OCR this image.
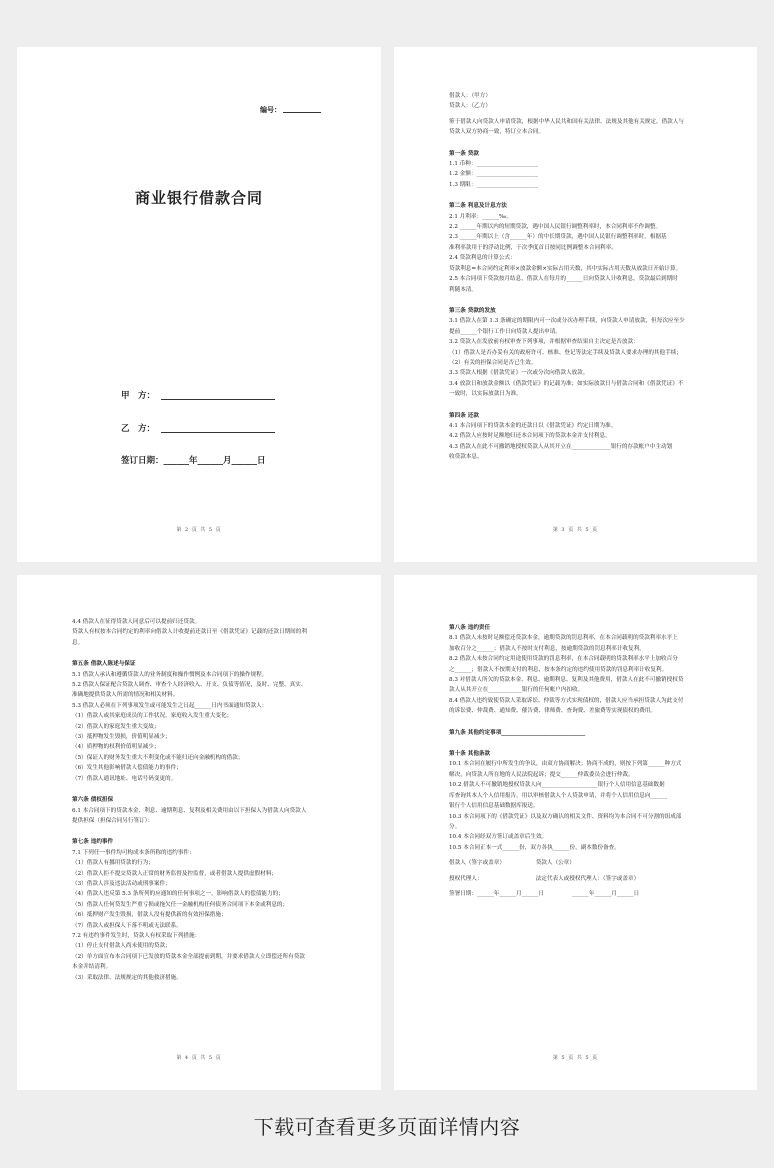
编号：
商业银行借款合同
甲　方：
乙　方：
签订日期：______年______月______日
第 2 页 共 5 页
借款人：（甲方）
贷款人：（乙方）
鉴于借款人向贷款人申请贷款，根据中华人民共和国有关法律、法规及其他有关规定，借款人与
贷款人双方协商一致，特订立本合同。
第一条 贷款
1.1 币种：______________________
1.2 金额：______________________
1.3 期限：______________________
第二条 利息及计息方法
2.1 月利率：______‰。
2.2 ______年期以内的短期贷款，遇中国人民银行调整利率时，本合同利率不作调整。
2.3 ______年期以上（含______年）的中长期贷款，遇中国人民银行调整利率时，根据基
准利率款用于的浮动比例，于次季度首日按同比例调整本合同利率。
2.4 贷款利息的计算公式：
贷款利息=本合同约定利率×放款金额×实际占用天数，其中实际占用天数从放款日开始计算。
2.5 本合同项下贷款按月结息，借款人在每月的______日向贷款人计收利息，贷款最后到期时
利随本清。
第三条 贷款的发放
3.1 借款人在第 1.3 条确定的期限内可一次或分次办理手续，向贷款人申请放款，但每次应至少
提前______个银行工作日向贷款人提出申请。
3.2 贷款人在发放前有权审查下列事项，并根据审查结果自主决定是否放款：
（1）借款人是否办妥有关的政府许可、核准、登记等法定手续及贷款人要求办理的其他手续；
（2）有关的担保合同是否已生效。
3.3 贷款人根据《借款凭证》一次或分次向借款人放款。
3.4 放款日和放款金额以《借款凭证》的记载为准；如实际放款日与借款合同和《借款凭证》不
一致时，以实际放款日为准。
第四条 还款
4.1 本合同项下的贷款本金的还款日以《借款凭证》约定日期为准。
4.2 借款人应按时足额地归还本合同项下的贷款本金并支付利息。
4.3 借款人在此不可撤销地授权贷款人从其开立在______________银行的存款帐户中主动划
收贷款本息。
第 3 页 共 5 页
4.4 借款人在征得贷款人同意后可以提前归还贷款。
贷款人有权按本合同约定的利率向借款人计收提前还款日至《借款凭证》记载的还款日期间的利
息。
第五条 借款人陈述与保证
5.1 借款人承认和遵循贷款人的业务制度和操作惯例及本合同项下的操作规程。
5.2 借款人保证配合贷款人调查、审查个人经济收入、开支、负债等情况，及时、完整、真实、
准确地提供贷款人所需的情况和相关材料。
5.3 借款人必须在下列事项发生或可能发生之日起______日内书面通知贷款人：
（1）借款人或其家庭成员的工作状况、家庭收入发生重大变化；
（2）借款人的家庭发生重大变故；
（3）抵押物发生毁损，价值明显减少；
（4）质押物的权利价值明显减少；
（5）保证人的财务发生重大不利变化或不能归还向金融机构的借款；
（6）发生其他影响借款人偿债能力的事件；
（7）借款人通讯地址、电话号码变更的。
第六条 债权担保
6.1 本合同项下的贷款本金、利息、逾期利息、复利及相关费用由以下担保人为借款人向贷款人
提供担保（担保合同另行签订）：
第七条 违约事件
7.1 下列任一事件均可构成本条所称的违约事件：
（1）借款人有挪用贷款的行为；
（2）借款人拒不提交贷款人正常的财务监督及控监督，或者借款人提供虚假材料；
（3）借款人涉及违法活动或刑事案件；
（4）借款人违反第 5.3 条所列的应通知的任何事项之一，影响借款人的偿债能力的；
（5）借款人任何贷发生严重亏损或拖欠任一金融机构任何债务合同项下本金或利息的；
（6）抵押财产发生毁损，借款人没有提供新的有效担保措施；
（7）借款人或担保人下落不明或无法联系。
7.2 有违约事件发生时，贷款人有权采取下列措施：
（1）停止支付借款人尚未使用的贷款；
（2）单方面宣布本合同项下已发放的贷款本金全部提前到期，并要求借款人立即偿还所有贷款
本金并结清利。
（3）采取法律、法规规定的其他救济措施。
第 4 页 共 5 页
第八条 违约责任
8.1 借款人未按时足额偿还贷款本金，逾期贷款的罚息利率，在本合同载明的贷款利率水平上
加收百分之______；借款人不按时支付利息，按逾期贷款的罚息利率计收复利。
8.2 借款人未按合同约定用途使用贷款的罚息利率，在本合同载明的贷款利率水平上加收百分
之______；借款人不按期支付的利息，按本条约定的违约使用贷款的罚息利率计收复利。
8.3 对借款人所欠的贷款本金、利息、逾期利息、复利及其他费用，借款人在此不可撤销授权贷
款人从其开立在____________银行的任何帐户内扣收。
8.4 借款人违约致使贷款人采取诉讼、仲裁等方式实现债权的，借款人应当承担贷款人为此支付
的诉讼费、仲裁费、通知费、催告费、律师费、查询费、差旅费等实现债权的费用。
第九条 其他约定事项______________________________
第十条 其他条款
10.1 本合同在履行中所发生的争议，由双方协商解决；协商不成的，则按下列第______种方式
解决，向贷款人所在地的人民法院起诉；提交______仲裁委员会进行仲裁。
10.2 借款人不可撤销地授权贷款人向____________________银行个人信用信息基础数据
库查询其本人个人信用报告，用以审核借款人个人贷款申请，并将个人信用信息向______
银行个人信用信息基础数据库报送。
10.3 本合同项下的《借款凭证》以及双方确认的相关文件、资料均为本合同不可分割的组成部
分。
10.4 本合同经双方签订或盖章后生效。
10.5 本合同正本一式______份，双方各执______份，副本数份备查。
借款人（签字或盖章）　　　　　　贷款人（公章）
授权代理人：　　　　　　　　　　法定代表人或授权代理人：（签字或盖章）
签署日期：______年______月______日　　　　　______年______月______日
第 5 页 共 5 页
下载可查看更多页面详情内容
